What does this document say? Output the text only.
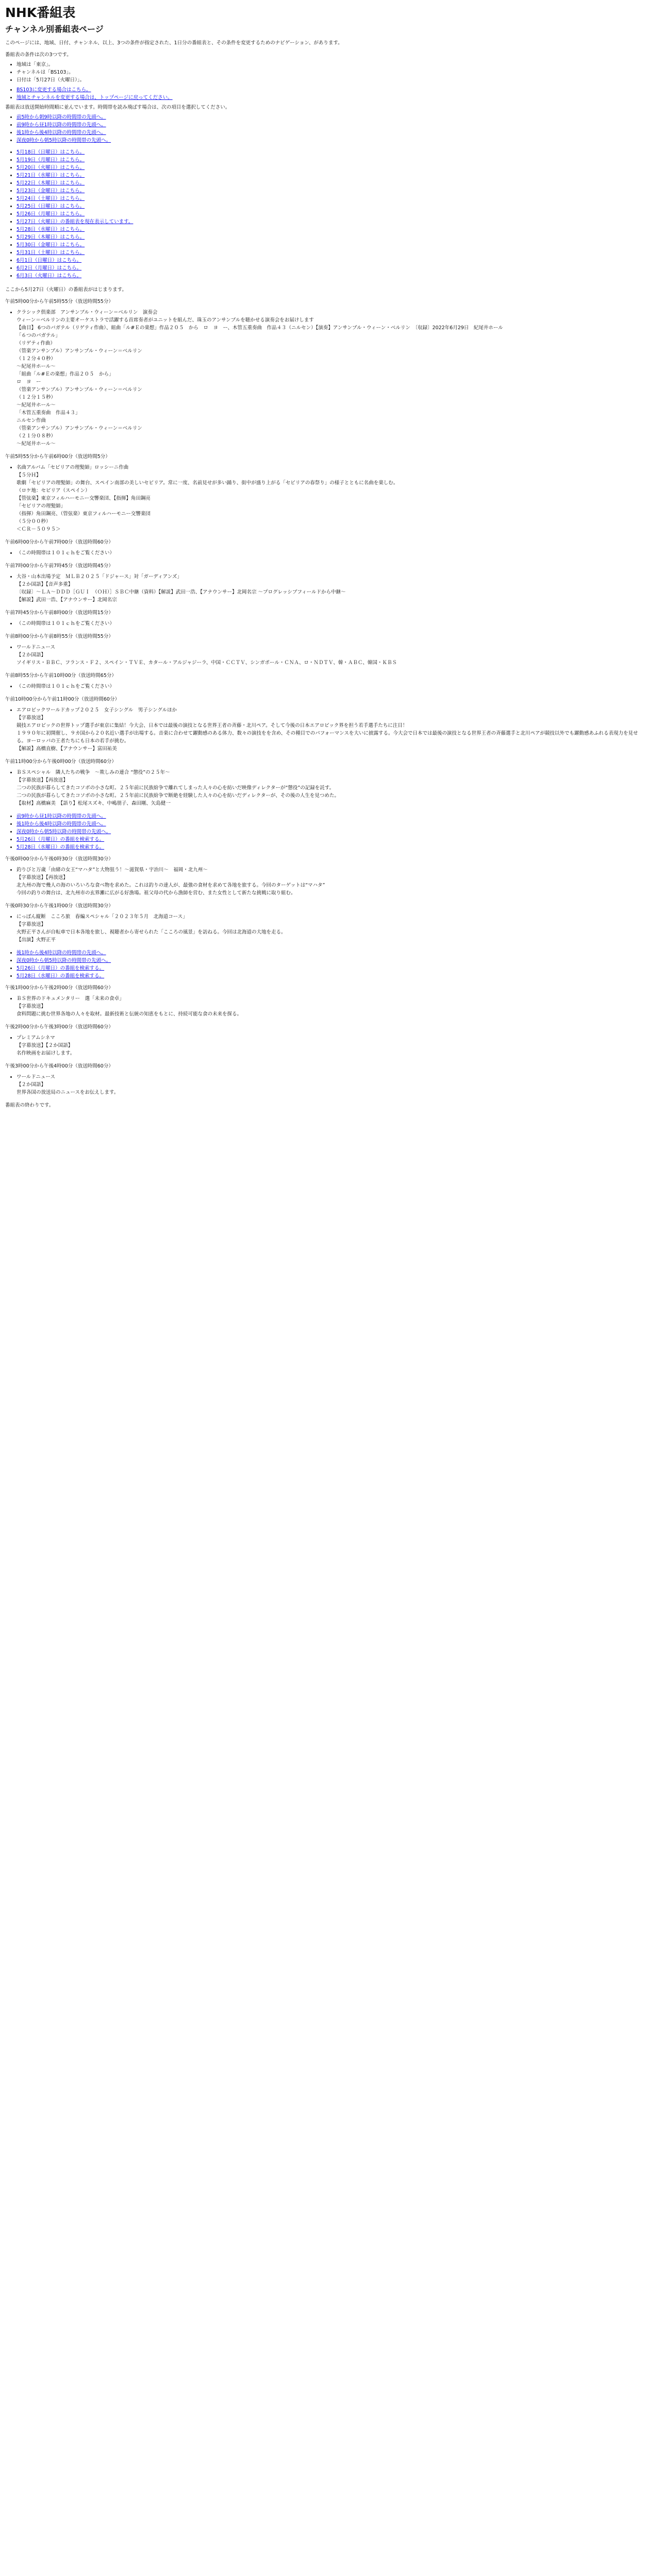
NHK番組表
チャンネル別番組表ページ
このページには、地域、日付、チャンネル、以上、3つの条件が指定された、1日分の番組表と、その条件を変更するためのナビゲーション、があります。
番組表の条件は次の3つです。
• 地域は「東京」。
• チャンネルは「BS103」。
• 日付は「5月27日（火曜日）」。
• BS103に変更する場合はこちら。
• 地域とチャンネルを変更する場合は、トップページに戻ってください。
番組表は放送開始時間順に並んでいます。時間帯を読み飛ばす場合は、次の項目を選択してください。
• 前5時から朝9時以降の時間帯の先頭へ。
• 前9時から昼1時以降の時間帯の先頭へ。
• 後1時から後4時以降の時間帯の先頭へ。
• 深夜0時から朝5時以降の時間帯の先頭へ。
• 5月18日（日曜日）はこちら。
• 5月19日（月曜日）はこちら。
• 5月20日（火曜日）はこちら。
• 5月21日（水曜日）はこちら。
• 5月22日（木曜日）はこちら。
• 5月23日（金曜日）はこちら。
• 5月24日（土曜日）はこちら。
• 5月25日（日曜日）はこちら。
• 5月26日（月曜日）はこちら。
• 5月27日（火曜日）の番組表を現在表示しています。
• 5月28日（水曜日）はこちら。
• 5月29日（木曜日）はこちら。
• 5月30日（金曜日）はこちら。
• 5月31日（土曜日）はこちら。
• 6月1日（日曜日）はこちら。
• 6月2日（月曜日）はこちら。
• 6月3日（火曜日）はこちら。
ここから5月27日（火曜日）の番組表がはじまります。
午前5時00分から午前5時55分（放送時間55分）
• クラシック倶楽部　アンサンブル・ウィーン＝ベルリン　演奏会
ウィーン＝ベルリンの主要オーケストラで活躍する首席奏者がユニットを組んだ、珠玉のアンサンブルを聴かせる演奏会をお届けします
【曲目】 6つのバガテル（リゲティ作曲）、組曲「ル#Ｅの楽想」作品２０５　から　ロ　ヨ　ー、木管五重奏曲　作品４３（ニルセン）【演奏】アンサンブル・ウィーン・ベルリン　〔収録〕2022年6月29日　紀尾井ホール
「６つのバガテル」
（リゲティ作曲）
（管楽アンサンブル）アンサンブル・ウィーン＝ベルリン
（１２分４０秒）
～紀尾井ホール～
「組曲「ル#Ｅの楽想」作品２０５　から」
ロ　ヨ　ー
（管楽アンサンブル）アンサンブル・ウィーン＝ベルリン
（１２分１５秒）
～紀尾井ホール～
「木管五重奏曲　作品４３」
ニルセン作曲
（管楽アンサンブル）アンサンブル・ウィーン＝ベルリン
（２１分０８秒）
～紀尾井ホール～
午前5時55分から午前6時00分（放送時間5分）
• 名曲アルバム「セビリアの理髪師」ロッシーニ作曲
【５分Ｈ】
歌劇「セビリアの理髪師」の舞台、スペイン南部の美しいセビリア。常に一度、名前見せが多い踊り、街中が盛り上がる「セビリアの春祭り」の様子とともに名曲を楽しむ。
（ロケ地：セビリア（スペイン）
【管弦楽】東京フィルハーモニー交響楽団、【指揮】角田鋼亮
「セビリアの理髪師」
（指揮）角田鋼亮、（管弦楽）東京フィルハーモニー交響楽団
（５分００秒）
＜ＣＲ－５０９５＞
午前6時00分から午前7時00分（放送時間60分）
• （この時間帯は１０１ｃｈをご覧ください）
午前7時00分から午前7時45分（放送時間45分）
• 大谷・山本出場予定　ＭＬＢ２０２５「ドジャース」対「ガーディアンズ」
【２か国語】【音声多重】
〔収録〕～ＬＡ～ＤＤＤ［ＧＵＩ　（ＯＨ）］ＳＢＣ中継（資料）【解説】武田一浩、【アナウンサー】北岡名宗 ～プログレッシブフィールドから中継～
【解説】武田一浩、【アナウンサー】北岡名宗
午前7時45分から午前8時00分（放送時間15分）
• （この時間帯は１０１ｃｈをご覧ください）
午前8時00分から午前8時55分（放送時間55分）
• ワールドニュース
【２か国語】
ソイギリス・ＢＢＣ、フランス・Ｆ２、スペイン・ＴＶＥ、カタール・アルジャジーラ、中国・ＣＣＴＶ、シンガポール・ＣＮＡ、ロ・ＮＤＴＶ、韓・ＡＢＣ、韓国・ＫＢＳ
午前8時55分から午前10時00分（放送時間65分）
• （この時間帯は１０１ｃｈをご覧ください）
午前10時00分から午前11時00分（放送時間60分）
• エアロビックワールドカップ２０２５　女子シングル　男子シングルほか
【字幕放送】
競技エアロビックの世界トップ選手が東京に集結！今大会、日本では最後の演技となる世界王者の斉藤・北川ペア。そして今後の日本エアロビック界を担う若手選手たちに注目！
１９９０年に初開催し、９カ国から２０名近い選手が出場する。音楽に合わせて躍動感のある体力、数々の演技をを含め、その種目でのパフォーマンスを大いに披露する。今大会で日本では最後の演技となる世界王者の斉藤選手と北川ペアが競技以外でも躍動感あふれる表現力を見せる。ヨーロッパの王者たちにも日本の若手が挑む。
【解説】高橋直樹、【アナウンサー】富田祐美
午前11時00分から午後0時00分（放送時間60分）
• ＢＳスペシャル　隣人たちの戦争　～欺しみの連合 “懲役”の２５年～
【字幕放送】【再放送】
二つの民族が暮らしてきたコソボの小さな町。２５年前に民族紛争で離れてしまった人々の心を紡いだ映像ディレクターが“懲役”の記録を託す。
二つの民族が暮らしてきたコソボの小さな町。２５年前に民族紛争で断絶を経験した人々の心を紡いだディレクターが、その後の人生を見つめた。
【取材】高橋麻美　【語り】松尾スズキ、中嶋朋子、森田剛、矢島健一
• 前9時から昼1時以降の時間帯の先頭へ。
• 後1時から後4時以降の時間帯の先頭へ。
• 深夜0時から朝5時以降の時間帯の先頭へ。
• 5月26日（月曜日）の番組を検索する。
• 5月28日（水曜日）の番組を検索する。
午後0時00分から午後0時30分（放送時間30分）
• 釣りびと万歳「由緒の女王“マハタ”と大物狙う！～滋賀県・宇治川～　福岡・北九州～
【字幕放送】【再放送】
北九州の海で幾人の海のいろいろな食べ物を求めた。これは釣りの達人が、最強の食材を求めて各地を旅する。今回のターゲットは“マハタ”
今回の釣りの舞台は、北九州市の玄界灘に広がる好漁場。祖父母の代から漁師を営む、また女性として新たな挑戦に取り組む。
午後0時30分から午後1時00分（放送時間30分）
• にっぽん縦断　こころ旅　春編スペシャル「２０２３年５月　北海道コース」
【字幕放送】
火野正平さんが自転車で日本各地を旅し、視聴者から寄せられた「こころの風景」を訪ねる。今回は北海道の大地を走る。
【出演】火野正平
• 後1時から後4時以降の時間帯の先頭へ。
• 深夜0時から朝5時以降の時間帯の先頭へ。
• 5月26日（月曜日）の番組を検索する。
• 5月28日（水曜日）の番組を検索する。
午後1時00分から午後2時00分（放送時間60分）
• ＢＳ世界のドキュメンタリー　選「未来の食卓」
【字幕放送】
食料問題に挑む世界各地の人々を取材。最新技術と伝統の知恵をもとに、持続可能な食の未来を探る。
午後2時00分から午後3時00分（放送時間60分）
• プレミアムシネマ
【字幕放送】【２か国語】
名作映画をお届けします。
午後3時00分から午後4時00分（放送時間60分）
• ワールドニュース
【２か国語】
世界各国の放送局のニュースをお伝えします。
番組表の終わりです。
